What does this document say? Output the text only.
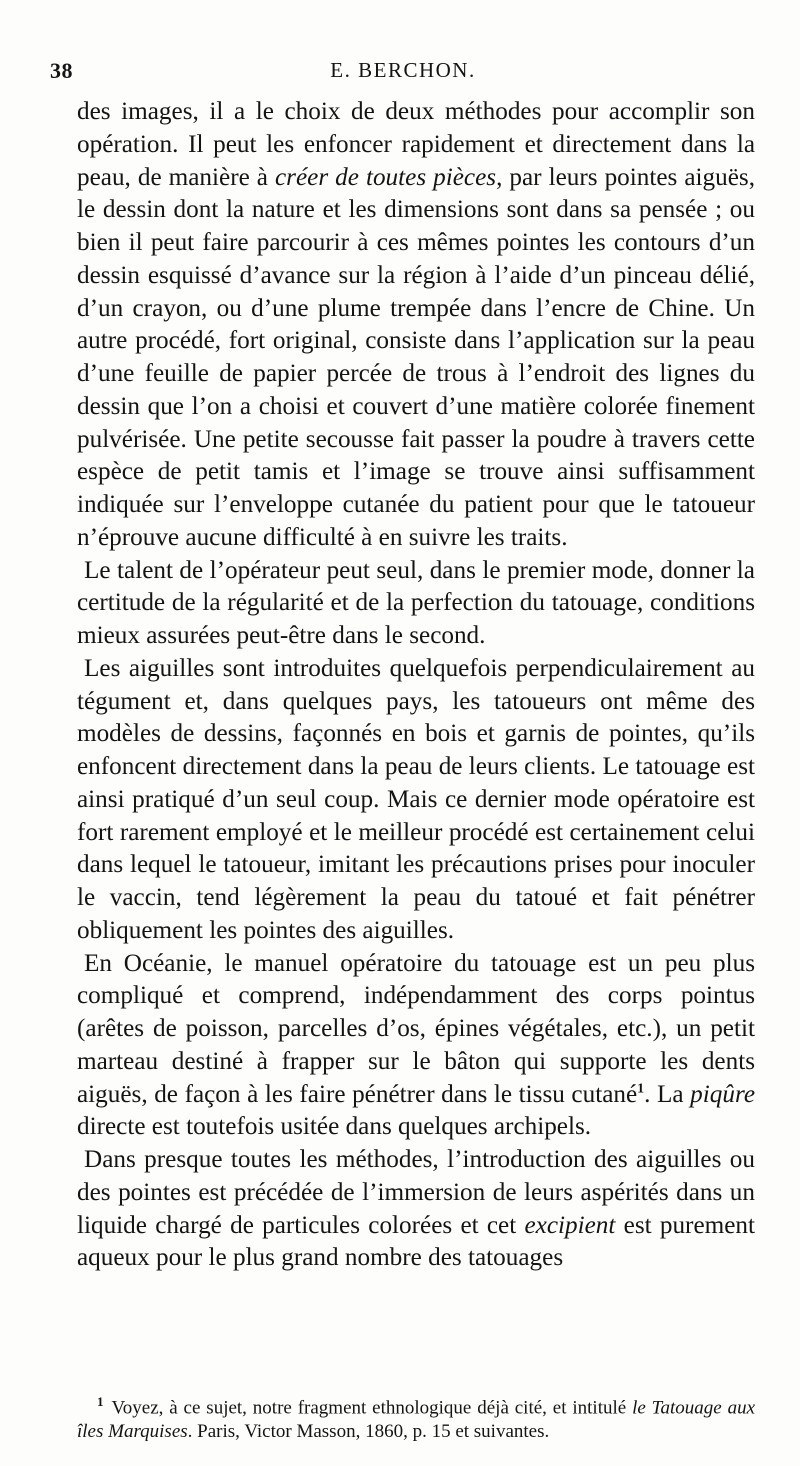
38	E. BERCHON.

des images, il a le choix de deux méthodes pour accomplir son opération. Il peut les enfoncer rapidement et directement dans la peau, de manière à créer de toutes pièces, par leurs pointes aiguës, le dessin dont la nature et les dimensions sont dans sa pensée ; ou bien il peut faire parcourir à ces mêmes pointes les contours d’un dessin esquissé d’avance sur la région à l’aide d’un pinceau délié, d’un crayon, ou d’une plume trempée dans l’encre de Chine. Un autre procédé, fort original, consiste dans l’application sur la peau d’une feuille de papier percée de trous à l’endroit des lignes du dessin que l’on a choisi et couvert d’une matière colorée finement pulvérisée. Une petite secousse fait passer la poudre à travers cette espèce de petit tamis et l’image se trouve ainsi suffisamment indiquée sur l’enveloppe cutanée du patient pour que le tatoueur n’éprouve aucune difficulté à en suivre les traits.

Le talent de l’opérateur peut seul, dans le premier mode, donner la certitude de la régularité et de la perfection du tatouage, conditions mieux assurées peut-être dans le second.

Les aiguilles sont introduites quelquefois perpendiculairement au tégument et, dans quelques pays, les tatoueurs ont même des modèles de dessins, façonnés en bois et garnis de pointes, qu’ils enfoncent directement dans la peau de leurs clients. Le tatouage est ainsi pratiqué d’un seul coup. Mais ce dernier mode opératoire est fort rarement employé et le meilleur procédé est certainement celui dans lequel le tatoueur, imitant les précautions prises pour inoculer le vaccin, tend légèrement la peau du tatoué et fait pénétrer obliquement les pointes des aiguilles.

En Océanie, le manuel opératoire du tatouage est un peu plus compliqué et comprend, indépendamment des corps pointus (arêtes de poisson, parcelles d’os, épines végétales, etc.), un petit marteau destiné à frapper sur le bâton qui supporte les dents aiguës, de façon à les faire pénétrer dans le tissu cutané$^1$. La piqûre directe est toutefois usitée dans quelques archipels.

Dans presque toutes les méthodes, l’introduction des aiguilles ou des pointes est précédée de l’immersion de leurs aspérités dans un liquide chargé de particules colorées et cet excipient est purement aqueux pour le plus grand nombre des tatouages

$^1$ Voyez, à ce sujet, notre fragment ethnologique déjà cité, et intitulé le Tatouage aux îles Marquises. Paris, Victor Masson, 1860, p. 15 et suivantes.
